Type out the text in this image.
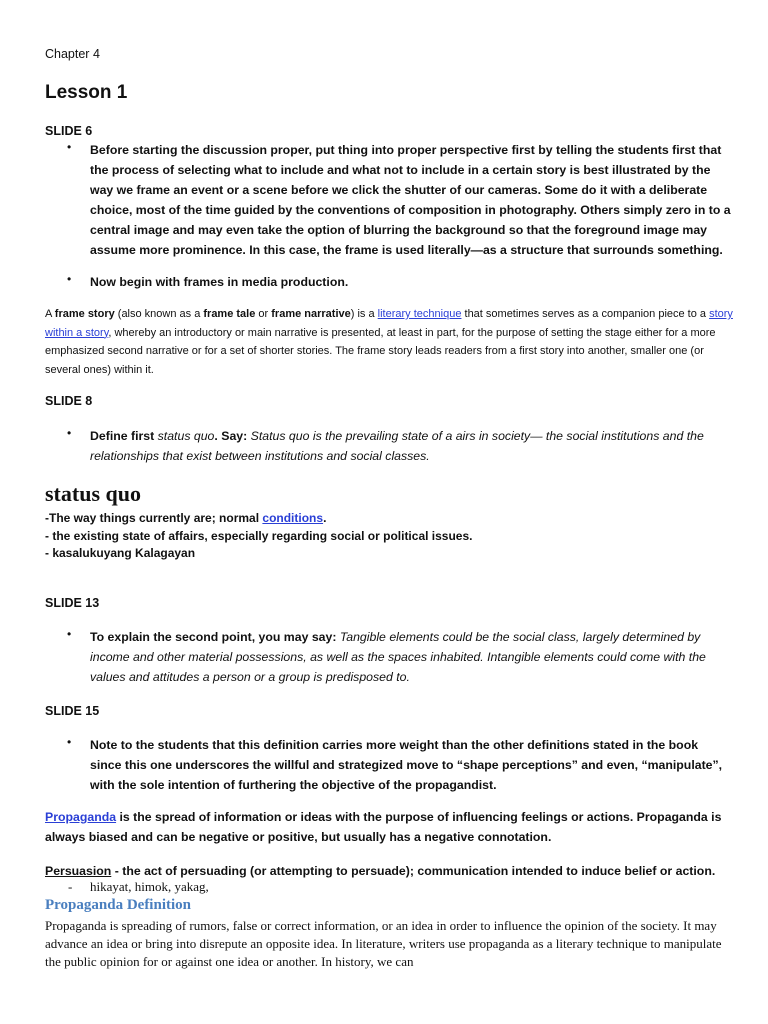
Chapter 4
Lesson 1
SLIDE 6
• Before starting the discussion proper, put thing into proper perspective first by telling the students first that the process of selecting what to include and what not to include in a certain story is best illustrated by the way we frame an event or a scene before we click the shutter of our cameras. Some do it with a deliberate choice, most of the time guided by the conventions of composition in photography. Others simply zero in to a central image and may even take the option of blurring the background so that the foreground image may assume more prominence. In this case, the frame is used literally—as a structure that surrounds something.
• Now begin with frames in media production.
A frame story (also known as a frame tale or frame narrative) is a literary technique that sometimes serves as a companion piece to a story within a story, whereby an introductory or main narrative is presented, at least in part, for the purpose of setting the stage either for a more emphasized second narrative or for a set of shorter stories. The frame story leads readers from a first story into another, smaller one (or several ones) within it.
SLIDE 8
• Define first status quo. Say: Status quo is the prevailing state of a airs in society— the social institutions and the relationships that exist between institutions and social classes.
status quo
-The way things currently are; normal conditions.
- the existing state of affairs, especially regarding social or political issues.
- kasalukuyang Kalagayan
SLIDE 13
• To explain the second point, you may say: Tangible elements could be the social class, largely determined by income and other material possessions, as well as the spaces inhabited. Intangible elements could come with the values and attitudes a person or a group is predisposed to.
SLIDE 15
• Note to the students that this definition carries more weight than the other definitions stated in the book since this one underscores the willful and strategized move to “shape perceptions” and even, “manipulate”, with the sole intention of furthering the objective of the propagandist.
Propaganda is the spread of information or ideas with the purpose of influencing feelings or actions. Propaganda is always biased and can be negative or positive, but usually has a negative connotation.
Persuasion - the act of persuading (or attempting to persuade); communication intended to induce belief or action.
- hikayat, himok, yakag,
Propaganda Definition
Propaganda is spreading of rumors, false or correct information, or an idea in order to influence the opinion of the society. It may advance an idea or bring into disrepute an opposite idea. In literature, writers use propaganda as a literary technique to manipulate the public opinion for or against one idea or another. In history, we can
